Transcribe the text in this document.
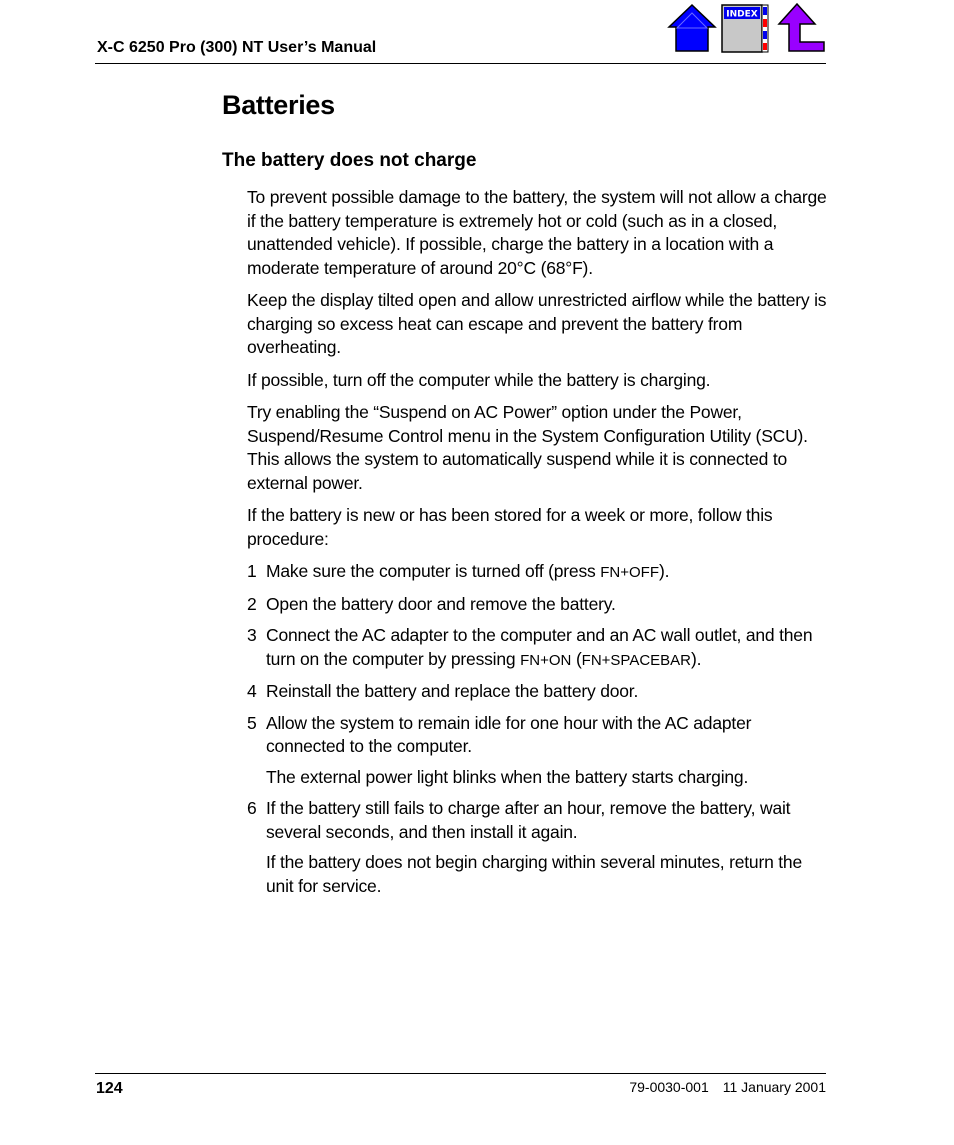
X-C 6250 Pro (300) NT User’s Manual
INDEX
Batteries
The battery does not charge

To prevent possible damage to the battery, the system will not allow a charge if the battery temperature is extremely hot or cold (such as in a closed, unattended vehicle). If possible, charge the battery in a location with a moderate temperature of around 20°C (68°F).

Keep the display tilted open and allow unrestricted airflow while the battery is charging so excess heat can escape and prevent the battery from overheating.

If possible, turn off the computer while the battery is charging.

Try enabling the “Suspend on AC Power” option under the Power, Suspend/Resume Control menu in the System Configuration Utility (SCU). This allows the system to automatically suspend while it is connected to external power.

If the battery is new or has been stored for a week or more, follow this procedure:

1 Make sure the computer is turned off (press FN+OFF).
2 Open the battery door and remove the battery.
3 Connect the AC adapter to the computer and an AC wall outlet, and then turn on the computer by pressing FN+ON (FN+SPACEBAR).
4 Reinstall the battery and replace the battery door.
5 Allow the system to remain idle for one hour with the AC adapter connected to the computer.
The external power light blinks when the battery starts charging.
6 If the battery still fails to charge after an hour, remove the battery, wait several seconds, and then install it again.
If the battery does not begin charging within several minutes, return the unit for service.
124	79-0030-001 11 January 2001
